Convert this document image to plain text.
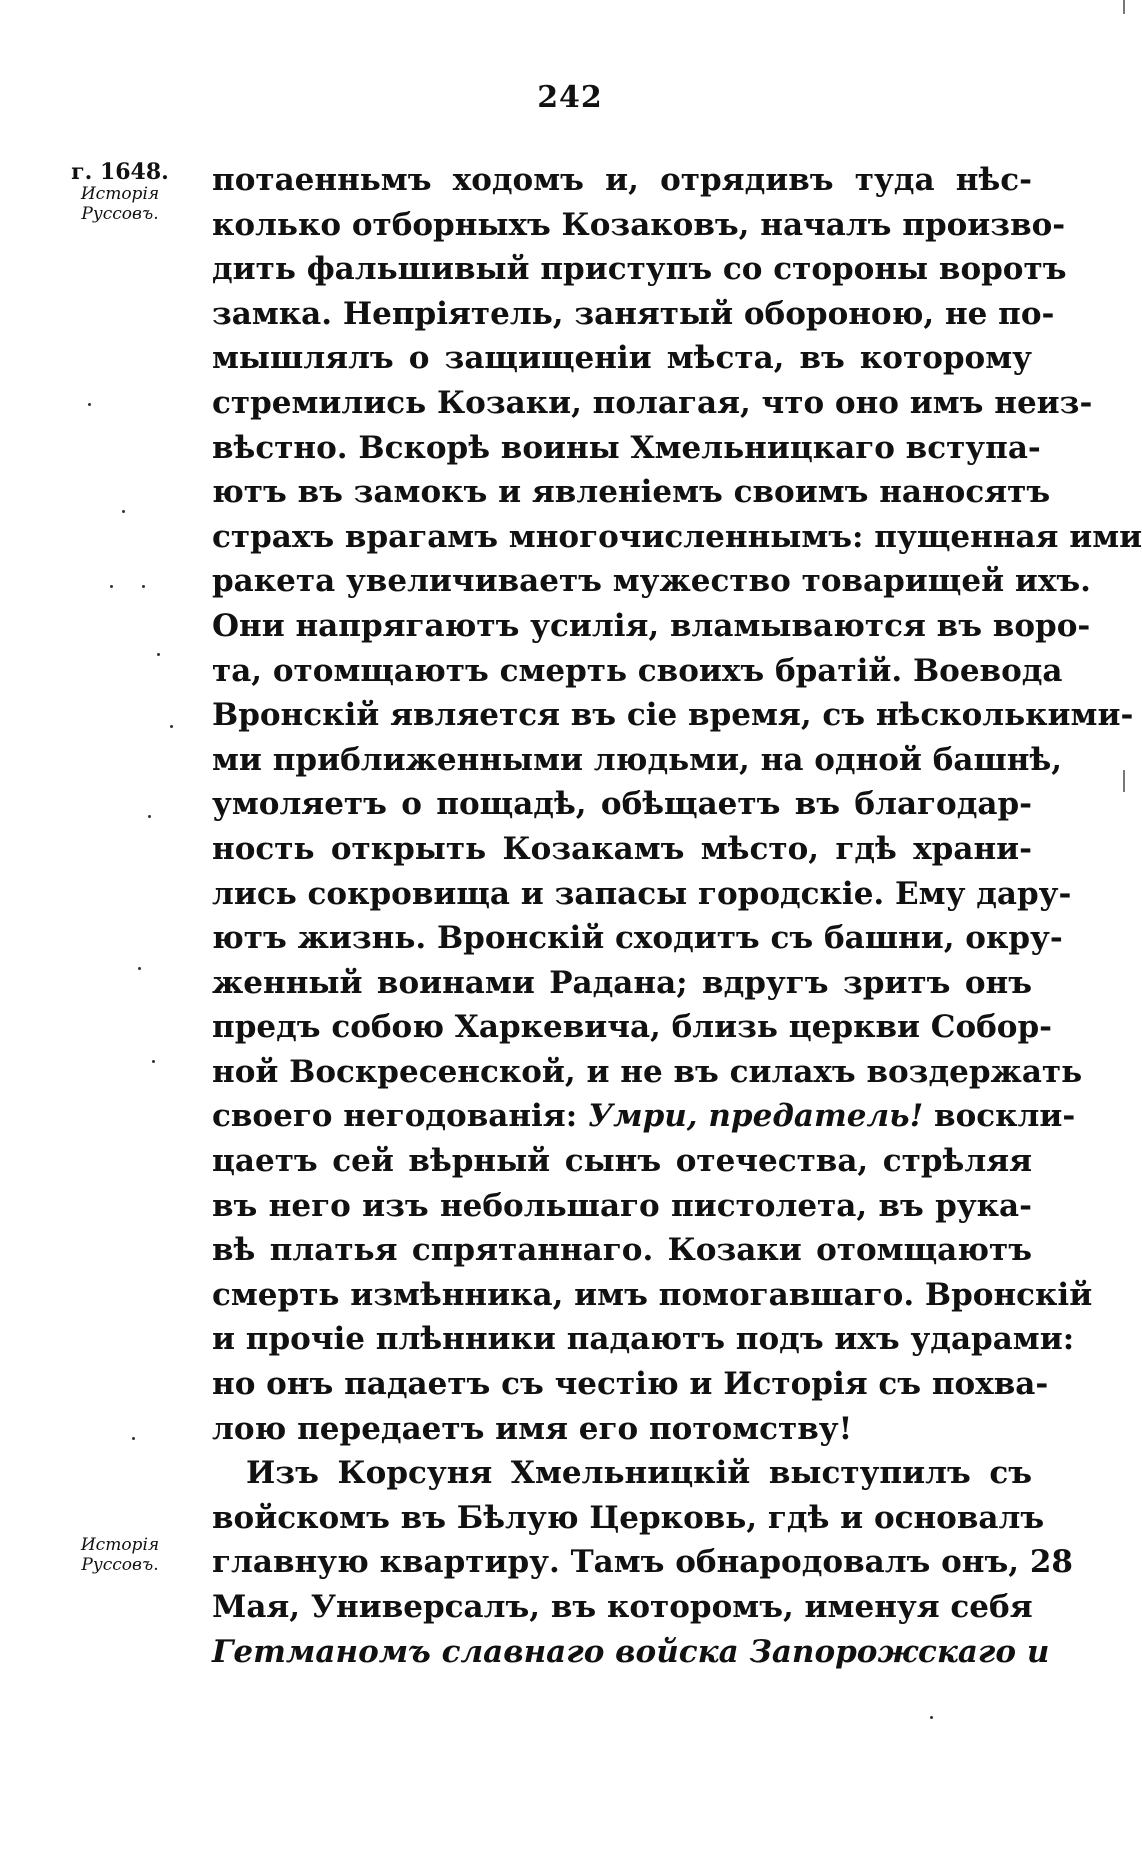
242
г. 1648.
Исторія
Руссовъ.
Исторія
Руссовъ.
потаенньмъ ходомъ и, отрядивъ туда нѣс-
колько отборныхъ Козаковъ, началъ произво-
дить фальшивый приступъ со стороны воротъ
замка. Непріятель, занятый обороною, не по-
мышлялъ о защищеніи мѣста, въ которому
стремились Козаки, полагая, что оно имъ неиз-
вѣстно. Вскорѣ воины Хмельницкаго вступа-
ютъ въ замокъ и явленіемъ своимъ наносятъ
страхъ врагамъ многочисленнымъ: пущенная ими
ракета увеличиваетъ мужество товарищей ихъ.
Они напрягаютъ усилія, вламываются въ воро-
та, отомщаютъ смерть своихъ братій. Воевода
Вронскій является въ сіе время, съ нѣсколькими-
ми приближенными людьми, на одной башнѣ,
умоляетъ о пощадѣ, обѣщаетъ въ благодар-
ность открыть Козакамъ мѣсто, гдѣ храни-
лись сокровища и запасы городскіе. Ему дару-
ютъ жизнь. Вронскій сходитъ съ башни, окру-
женный воинами Радана; вдругъ зритъ онъ
предъ собою Харкевича, близь церкви Собор-
ной Воскресенской, и не въ силахъ воздержать
своего негодованія: Умри, предатель! воскли-
цаетъ сей вѣрный сынъ отечества, стрѣляя
въ него изъ небольшаго пистолета, въ рука-
вѣ платья спрятаннаго. Козаки отомщаютъ
смерть измѣнника, имъ помогавшаго. Вронскій
и прочіе плѣнники падаютъ подъ ихъ ударами:
но онъ падаетъ съ честію и Исторія съ похва-
лою передаетъ имя его потомству!
Изъ Корсуня Хмельницкій выступилъ съ
войскомъ въ Бѣлую Церковь, гдѣ и основалъ
главную квартиру. Тамъ обнародовалъ онъ, 28
Мая, Универсалъ, въ которомъ, именуя себя
Гетманомъ славнаго войска Запорожскаго и
